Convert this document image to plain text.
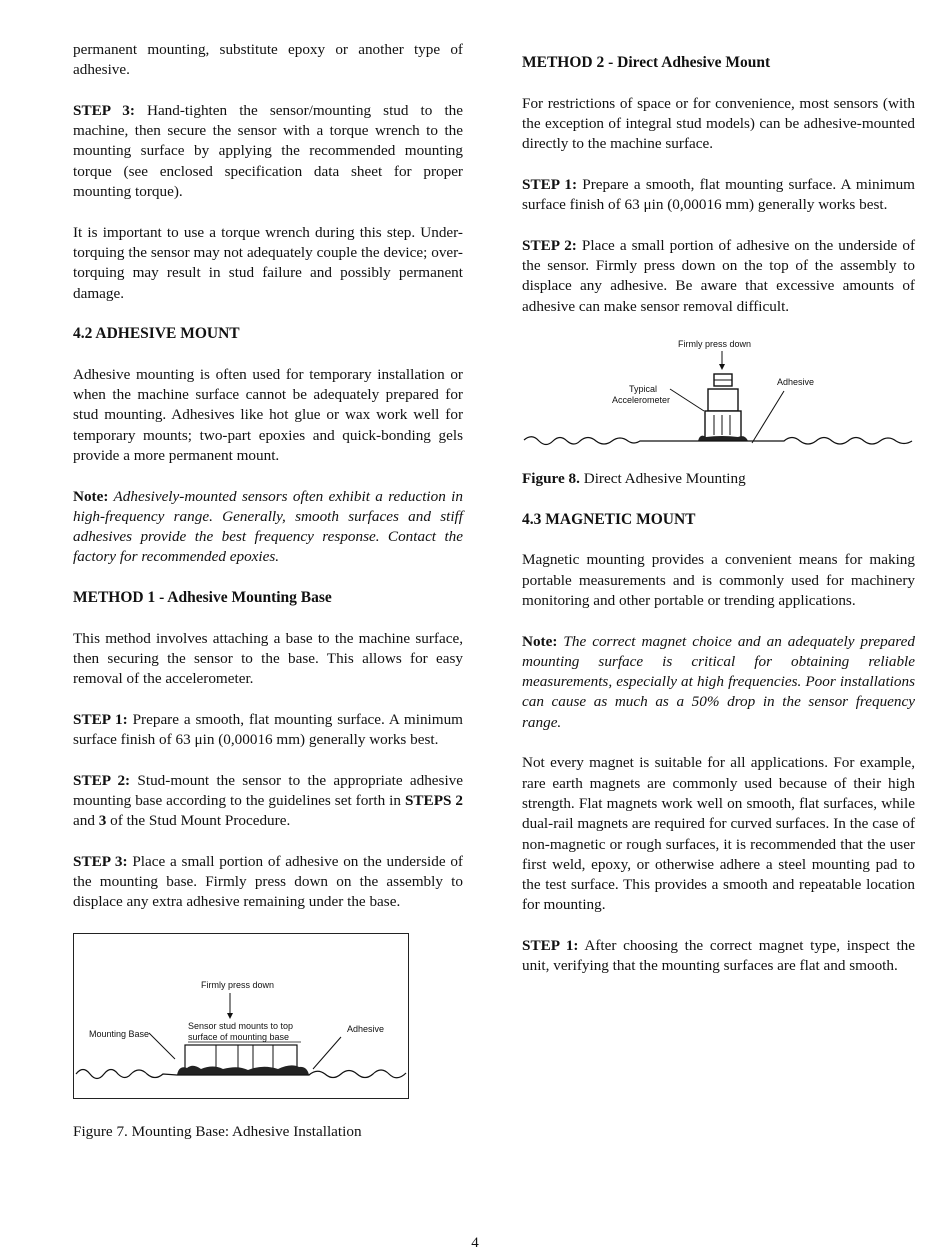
permanent mounting, substitute epoxy or another type of adhesive.

STEP 3: Hand-tighten the sensor/mounting stud to the machine, then secure the sensor with a torque wrench to the mounting surface by applying the recommended mounting torque (see enclosed specification data sheet for proper mounting torque).

It is important to use a torque wrench during this step. Under-torquing the sensor may not adequately couple the device; over-torquing may result in stud failure and possibly permanent damage.

4.2 ADHESIVE MOUNT

Adhesive mounting is often used for temporary installation or when the machine surface cannot be adequately prepared for stud mounting. Adhesives like hot glue or wax work well for temporary mounts; two-part epoxies and quick-bonding gels provide a more permanent mount.

Note: Adhesively-mounted sensors often exhibit a reduction in high-frequency range. Generally, smooth surfaces and stiff adhesives provide the best frequency response. Contact the factory for recommended epoxies.

METHOD 1 - Adhesive Mounting Base

This method involves attaching a base to the machine surface, then securing the sensor to the base. This allows for easy removal of the accelerometer.

STEP 1: Prepare a smooth, flat mounting surface. A minimum surface finish of 63 μin (0,00016 mm) generally works best.

STEP 2: Stud-mount the sensor to the appropriate adhesive mounting base according to the guidelines set forth in STEPS 2 and 3 of the Stud Mount Procedure.

STEP 3: Place a small portion of adhesive on the underside of the mounting base. Firmly press down on the assembly to displace any extra adhesive remaining under the base.

Firmly press down
Sensor stud mounts to top
surface of mounting base
Mounting Base	Adhesive

Figure 7. Mounting Base: Adhesive Installation

METHOD 2 - Direct Adhesive Mount

For restrictions of space or for convenience, most sensors (with the exception of integral stud models) can be adhesive-mounted directly to the machine surface.

STEP 1: Prepare a smooth, flat mounting surface. A minimum surface finish of 63 μin (0,00016 mm) generally works best.

STEP 2: Place a small portion of adhesive on the underside of the sensor. Firmly press down on the top of the assembly to displace any adhesive. Be aware that excessive amounts of adhesive can make sensor removal difficult.

Firmly press down
Typical
Accelerometer
Adhesive

Figure 8. Direct Adhesive Mounting

4.3 MAGNETIC MOUNT

Magnetic mounting provides a convenient means for making portable measurements and is commonly used for machinery monitoring and other portable or trending applications.

Note: The correct magnet choice and an adequately prepared mounting surface is critical for obtaining reliable measurements, especially at high frequencies. Poor installations can cause as much as a 50% drop in the sensor frequency range.

Not every magnet is suitable for all applications. For example, rare earth magnets are commonly used because of their high strength. Flat magnets work well on smooth, flat surfaces, while dual-rail magnets are required for curved surfaces. In the case of non-magnetic or rough surfaces, it is recommended that the user first weld, epoxy, or otherwise adhere a steel mounting pad to the test surface. This provides a smooth and repeatable location for mounting.

STEP 1: After choosing the correct magnet type, inspect the unit, verifying that the mounting surfaces are flat and smooth.

4
